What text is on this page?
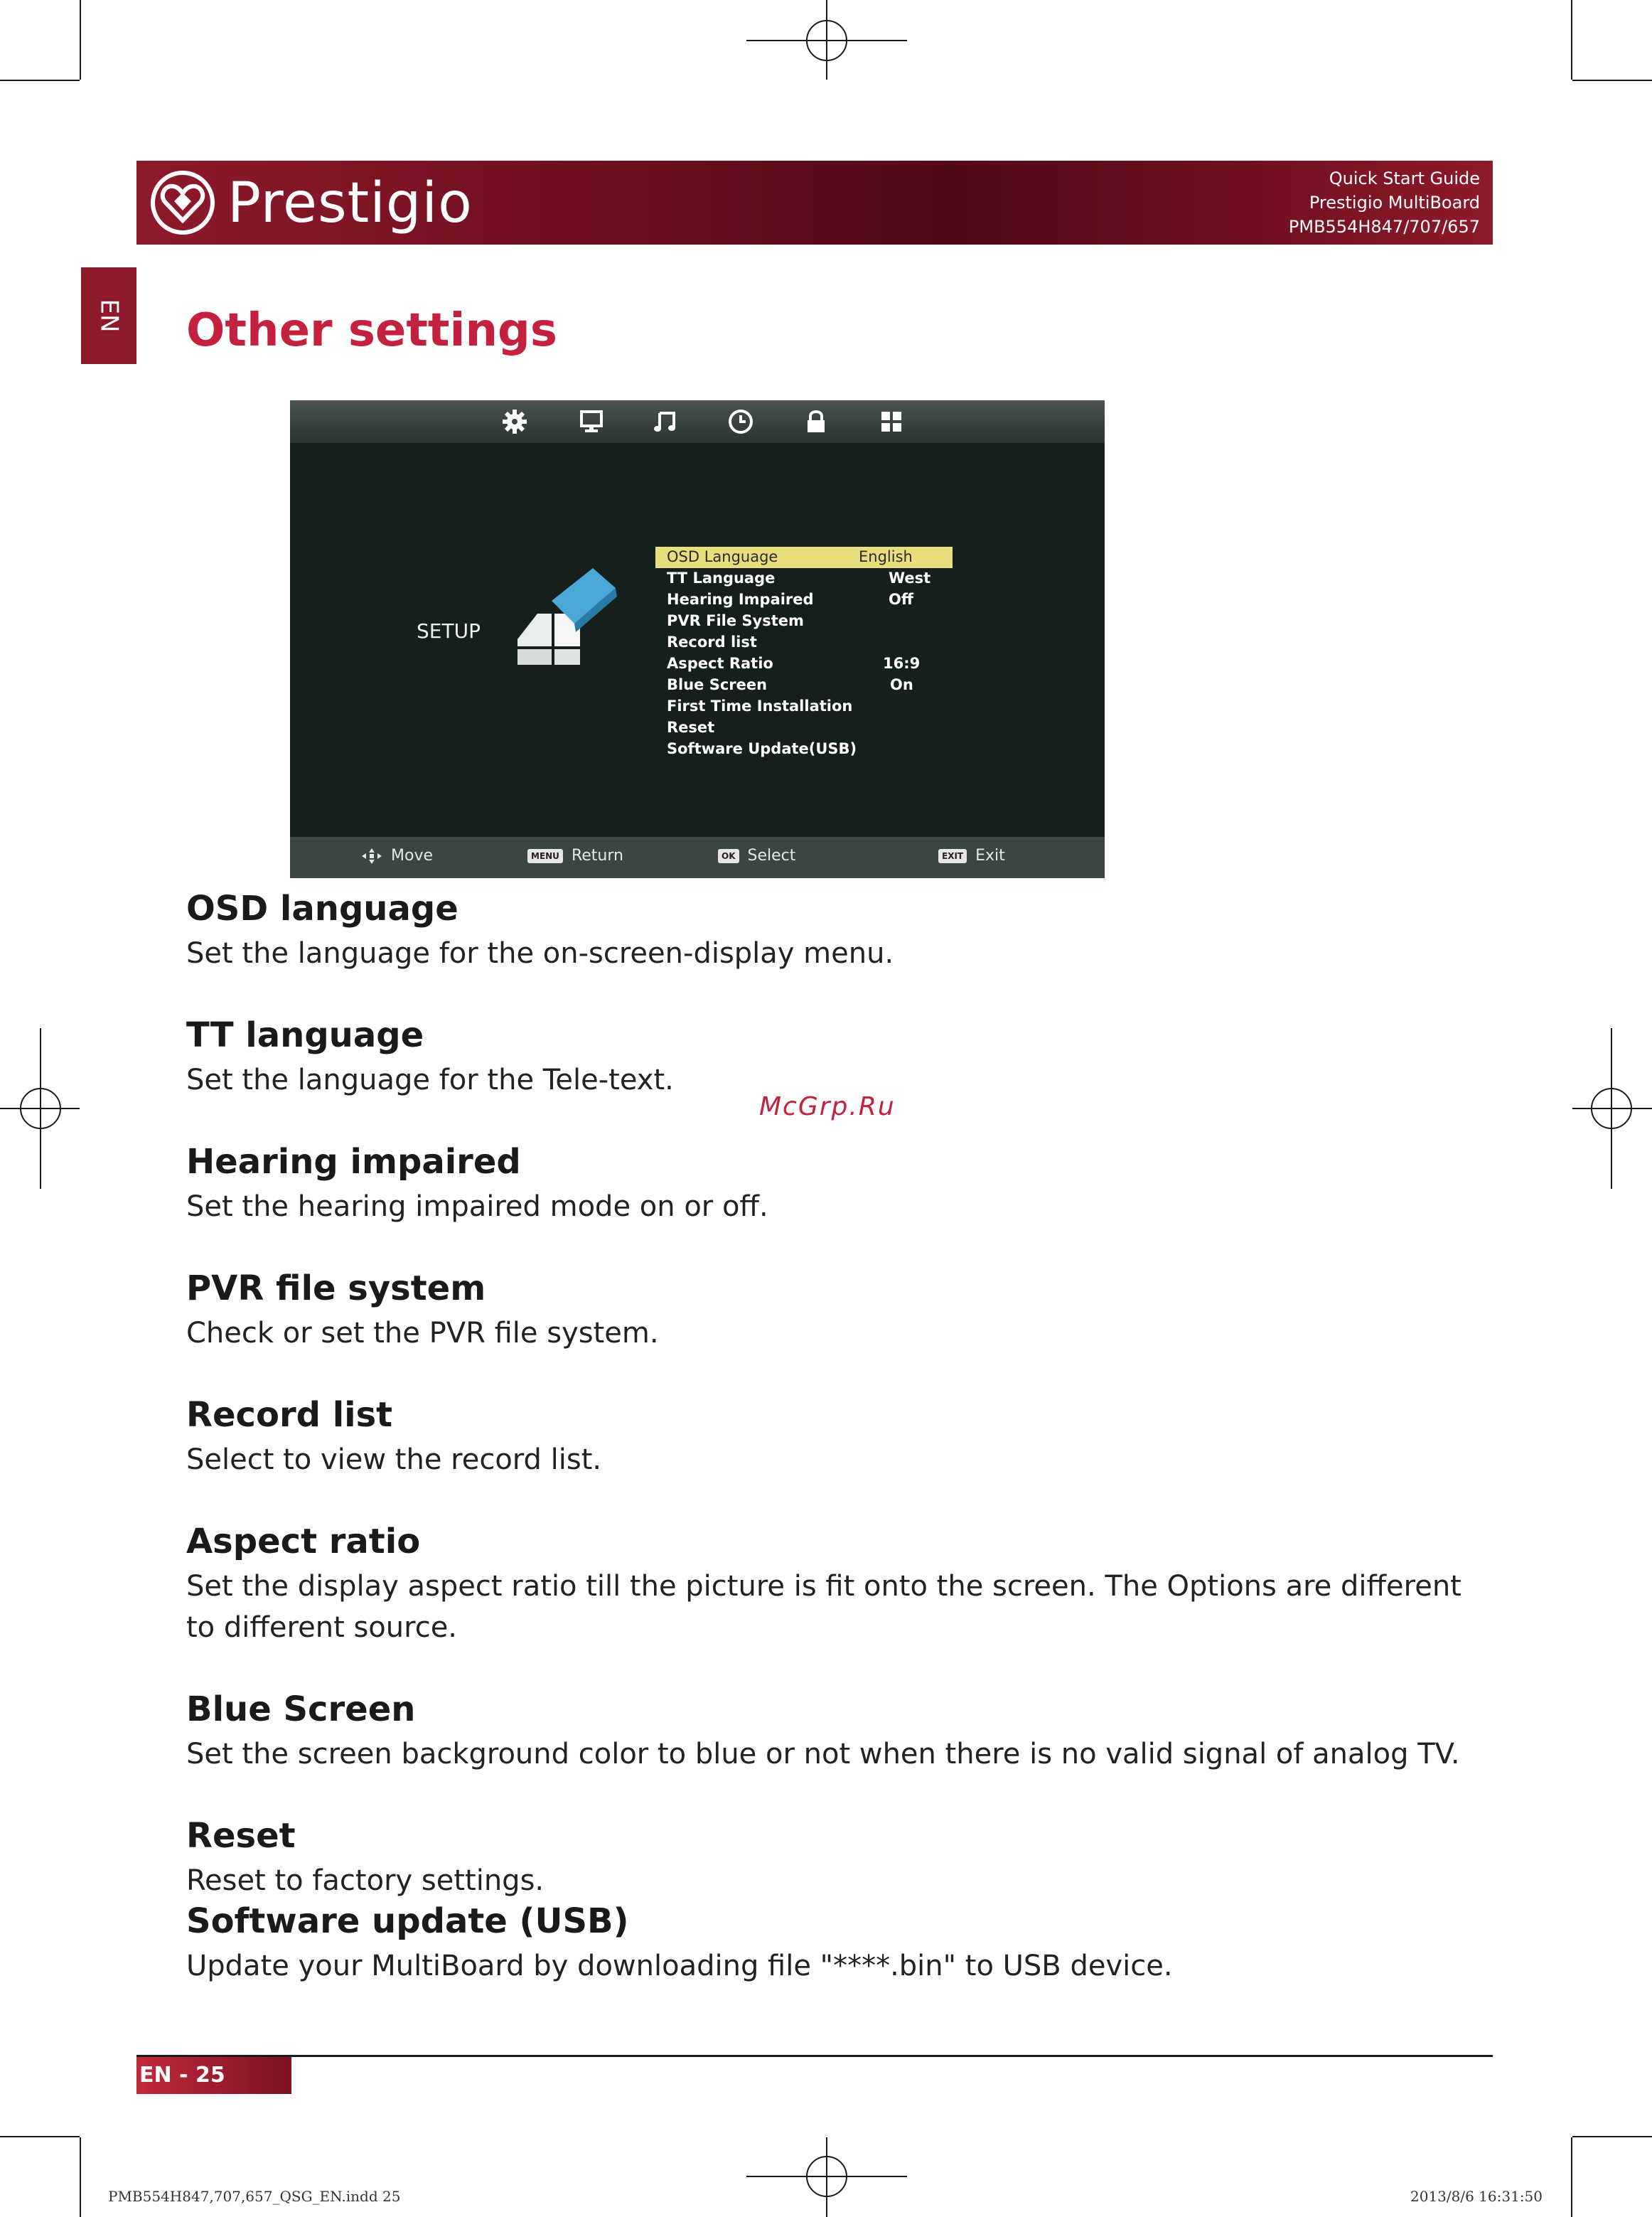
Prestigio	Quick Start Guide
Prestigio MultiBoard
PMB554H847/707/657
EN Other settings
SETUP
OSD Language	English
TT Language	West
Hearing Impaired	Off
PVR File System
Record list
Aspect Ratio	16:9
Blue Screen	On
First Time Installation
Reset
Software Update(USB)
Move	MENU Return	OK Select	EXIT Exit
OSD language
Set the language for the on-screen-display menu.
TT language
Set the language for the Tele-text.
McGrp.Ru
Hearing impaired
Set the hearing impaired mode on or off.
PVR file system
Check or set the PVR file system.
Record list
Select to view the record list.
Aspect ratio
Set the display aspect ratio till the picture is fit onto the screen. The Options are different to different source.
Blue Screen
Set the screen background color to blue or not when there is no valid signal of analog TV.
Reset
Reset to factory settings.
Software update (USB)
Update your MultiBoard by downloading file "****.bin" to USB device.
EN - 25
PMB554H847,707,657_QSG_EN.indd 25	2013/8/6 16:31:50
